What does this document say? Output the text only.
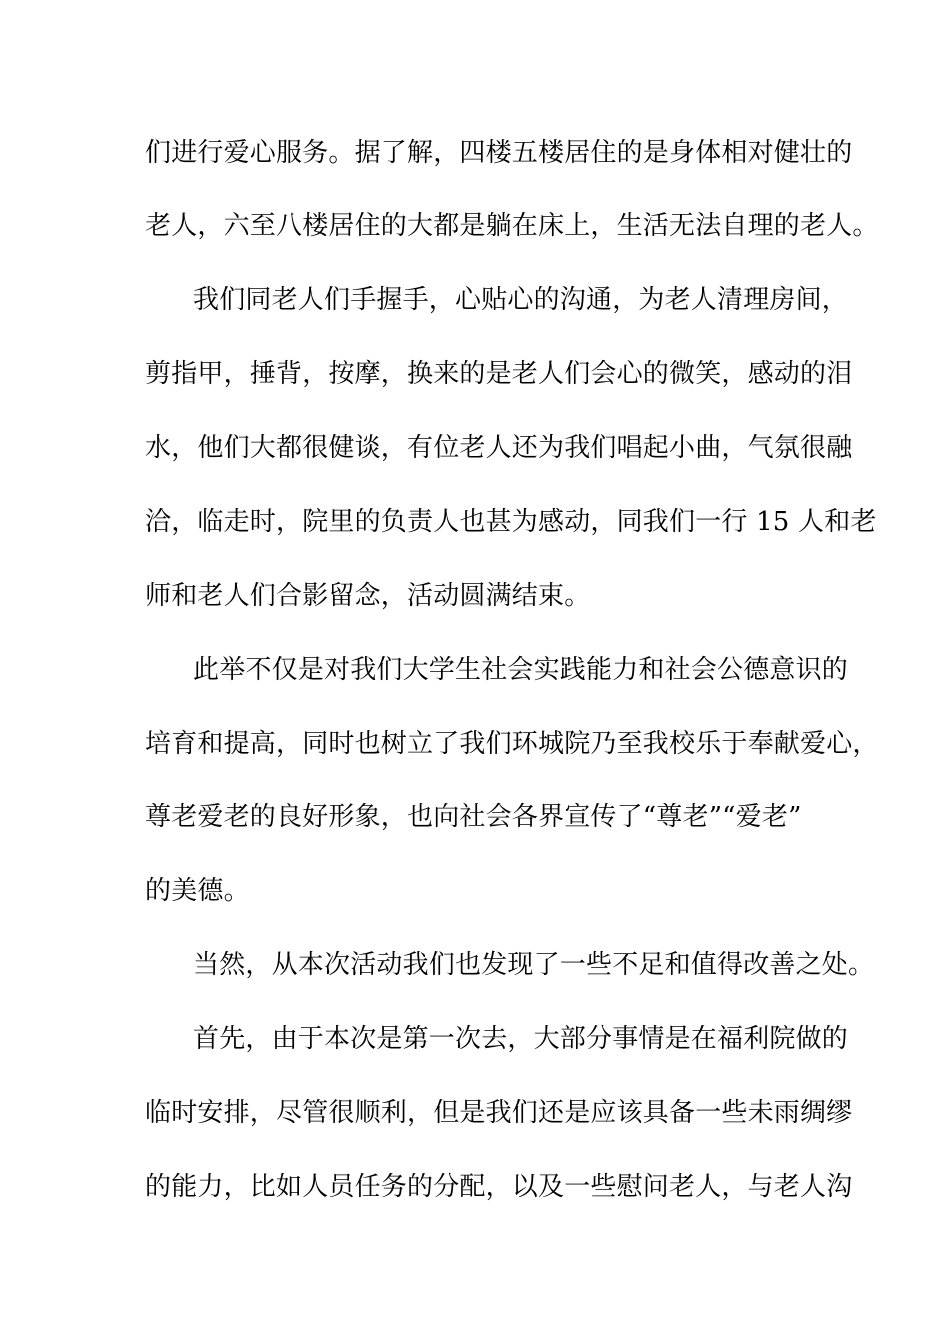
们进行爱心服务。据了解，四楼五楼居住的是身体相对健壮的
老人，六至八楼居住的大都是躺在床上，生活无法自理的老人。
我们同老人们手握手，心贴心的沟通，为老人清理房间，
剪指甲，捶背，按摩，换来的是老人们会心的微笑，感动的泪
水，他们大都很健谈，有位老人还为我们唱起小曲，气氛很融
洽，临走时，院里的负责人也甚为感动，同我们一行 15 人和老
师和老人们合影留念，活动圆满结束。
此举不仅是对我们大学生社会实践能力和社会公德意识的
培育和提高，同时也树立了我们环城院乃至我校乐于奉献爱心，
尊老爱老的良好形象，也向社会各界宣传了“尊老”“爱老”
的美德。
当然，从本次活动我们也发现了一些不足和值得改善之处。
首先，由于本次是第一次去，大部分事情是在福利院做的
临时安排，尽管很顺利，但是我们还是应该具备一些未雨绸缪
的能力，比如人员任务的分配，以及一些慰问老人，与老人沟
